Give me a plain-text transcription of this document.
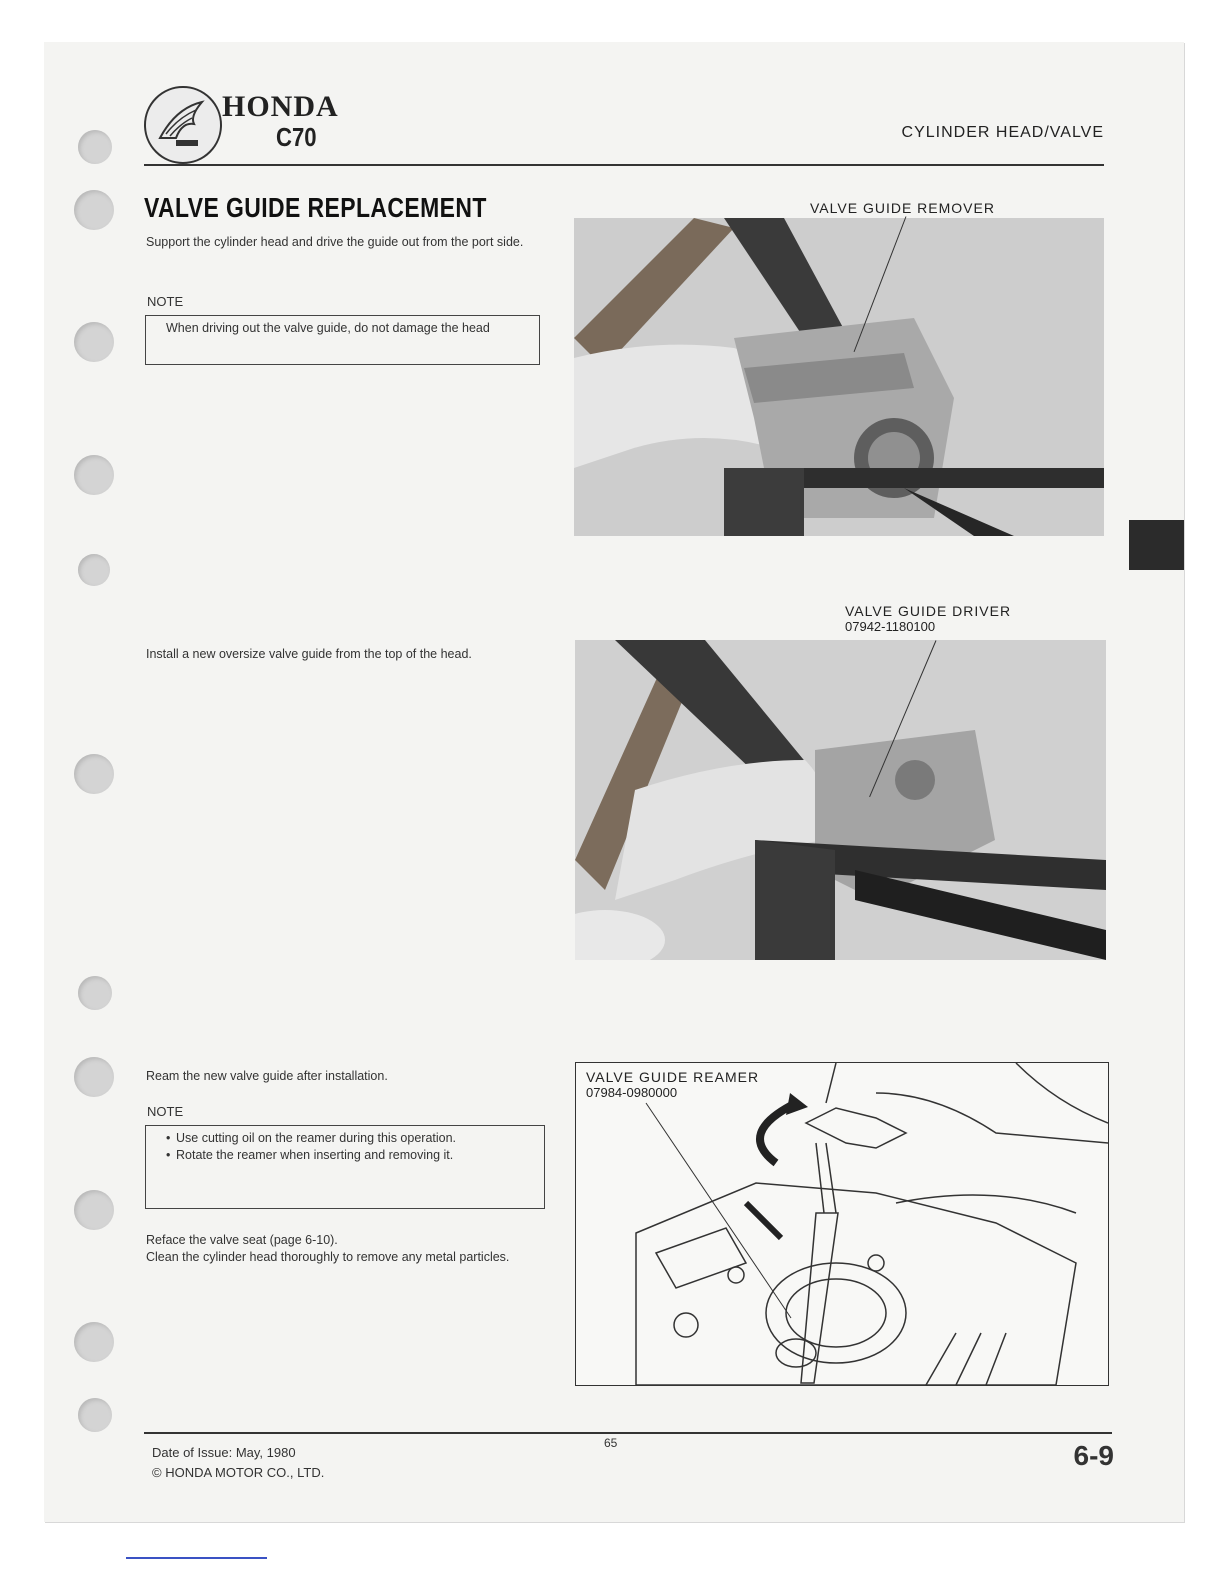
HONDA
C70	CYLINDER HEAD/VALVE
VALVE GUIDE REPLACEMENT
Support the cylinder head and drive the guide out from the port side.
NOTE
When driving out the valve guide, do not damage the head
VALVE GUIDE REMOVER
Install a new oversize valve guide from the top of the head.
VALVE GUIDE DRIVER
07942-1180100
Ream the new valve guide after installation.
NOTE
• Use cutting oil on the reamer during this operation.
• Rotate the reamer when inserting and removing it.
Reface the valve seat (page 6-10).
Clean the cylinder head thoroughly to remove any metal particles.
VALVE GUIDE REAMER
07984-0980000
Date of Issue: May, 1980
© HONDA MOTOR CO., LTD.
65	6-9
